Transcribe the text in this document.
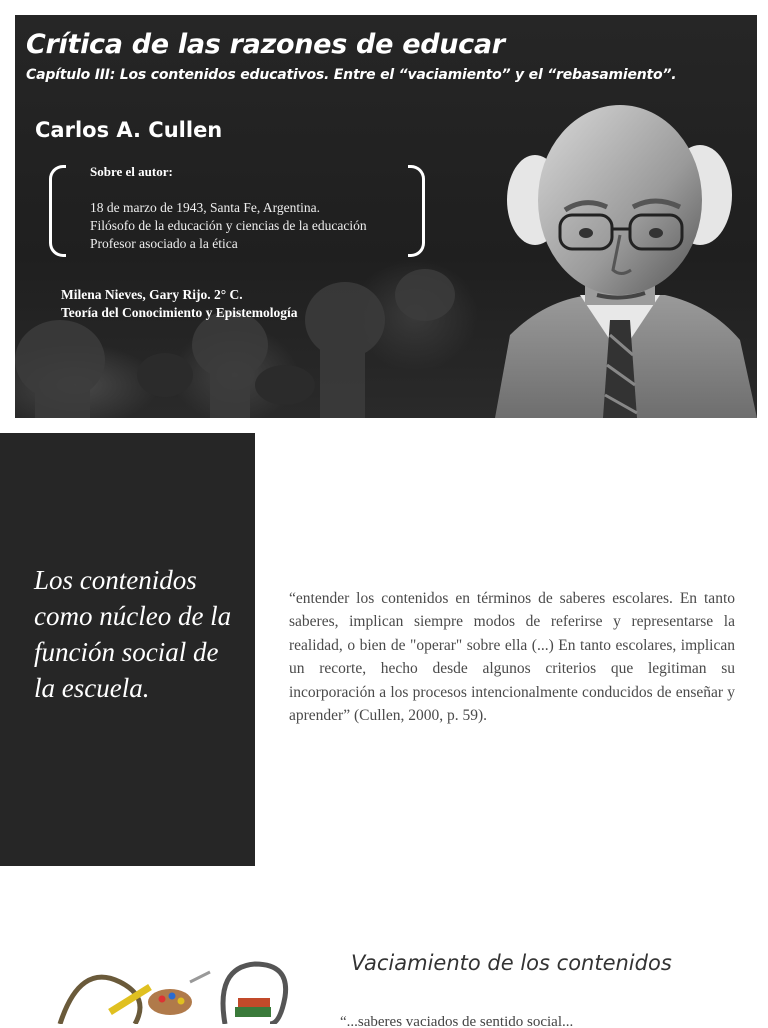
Crítica de las razones de educar
Capítulo III: Los contenidos educativos. Entre el “vaciamiento” y el “rebasamiento”.
Carlos A. Cullen
Sobre el autor:
18 de marzo de 1943, Santa Fe, Argentina.
Filósofo de la educación y ciencias de la educación
Profesor asociado a la ética
Milena Nieves, Gary Rijo. 2° C.
Teoría del Conocimiento y Epistemología
Los contenidos como núcleo de la función social de la escuela.

“entender los contenidos en términos de saberes escolares. En tanto saberes, implican siempre modos de referirse y representarse la realidad, o bien de "operar" sobre ella (...) En tanto escolares, implican un recorte, hecho desde algunos criterios que legitiman su incorporación a los procesos intencionalmente conducidos de enseñar y aprender” (Cullen, 2000, p. 59).

Vaciamiento de los contenidos
“...saberes vaciados de sentido social...
